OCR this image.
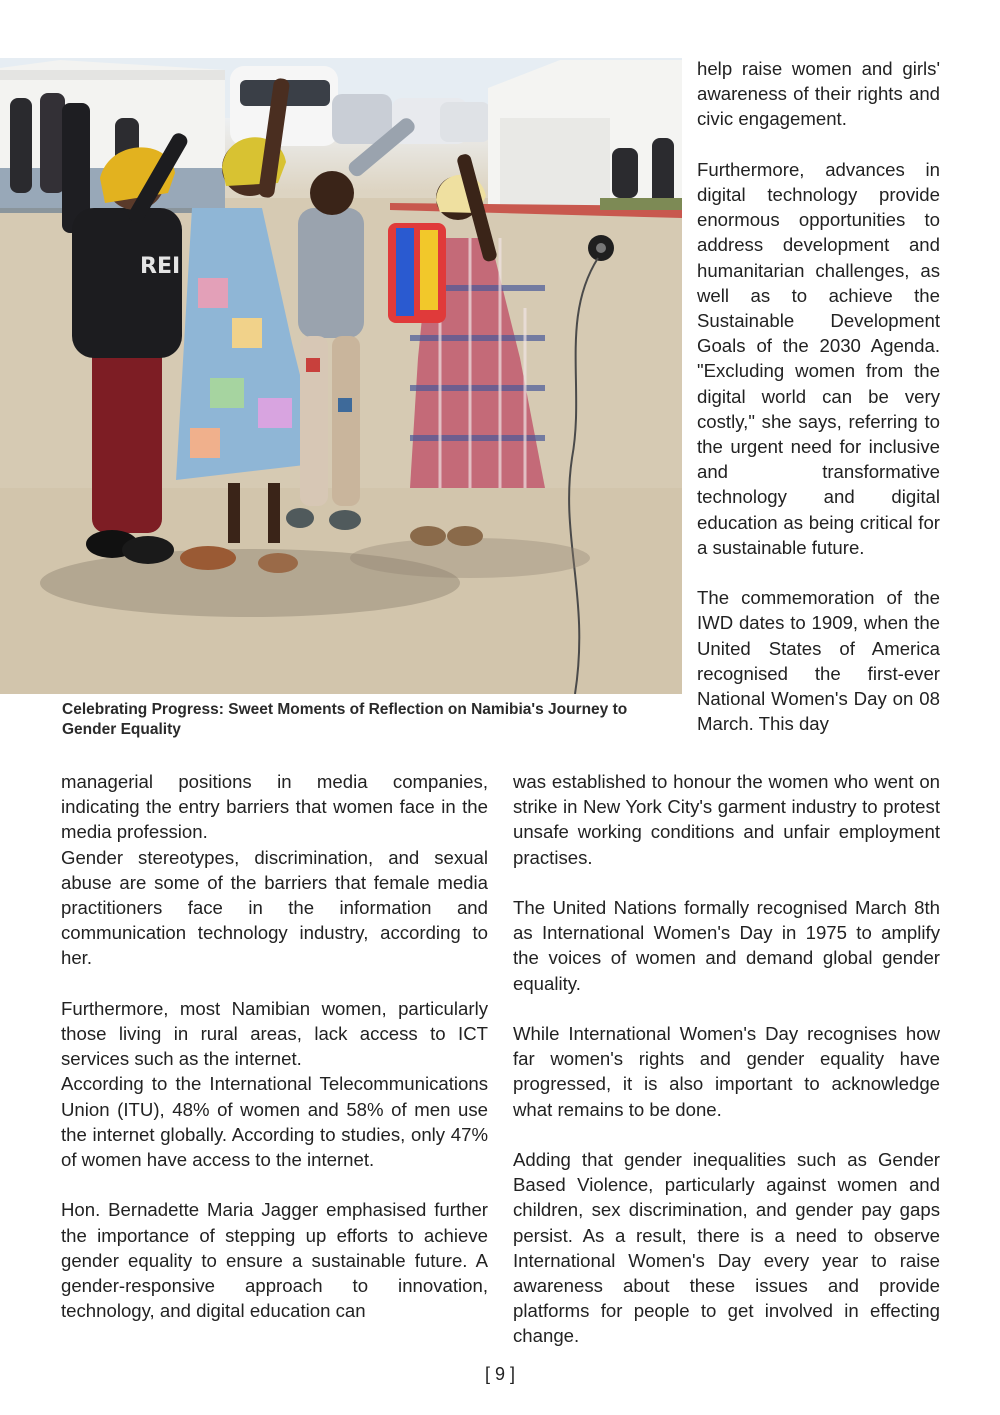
REI
Celebrating Progress: Sweet Moments of Reflection on Namibia's Journey to Gender Equality

help raise women and girls' awareness of their rights and civic engagement.

Furthermore, advances in digital technology provide enormous opportunities to address development and humanitarian challenges, as well as to achieve the Sustainable Development Goals of the 2030 Agenda. "Excluding women from the digital world can be very costly," she says, referring to the urgent need for inclusive and transformative technology and digital education as being critical for a sustainable future.

The commemoration of the IWD dates to 1909, when the United States of America recognised the first-ever National Women's Day on 08 March. This day

managerial positions in media companies, indicating the entry barriers that women face in the media profession.

Gender stereotypes, discrimination, and sexual abuse are some of the barriers that female media practitioners face in the information and communication technology industry, according to her.

Furthermore, most Namibian women, particularly those living in rural areas, lack access to ICT services such as the internet.

According to the International Telecommunications Union (ITU), 48% of women and 58% of men use the internet globally. According to studies, only 47% of women have access to the internet.

Hon. Bernadette Maria Jagger emphasised further the importance of stepping up efforts to achieve gender equality to ensure a sustainable future. A gender-responsive approach to innovation, technology, and digital education can

was established to honour the women who went on strike in New York City's garment industry to protest unsafe working conditions and unfair employment practises.

The United Nations formally recognised March 8th as International Women's Day in 1975 to amplify the voices of women and demand global gender equality.

While International Women's Day recognises how far women's rights and gender equality have progressed, it is also important to acknowledge what remains to be done.

Adding that gender inequalities such as Gender Based Violence, particularly against women and children, sex discrimination, and gender pay gaps persist. As a result, there is a need to observe International Women's Day every year to raise awareness about these issues and provide platforms for people to get involved in effecting change.

[ 9 ]
